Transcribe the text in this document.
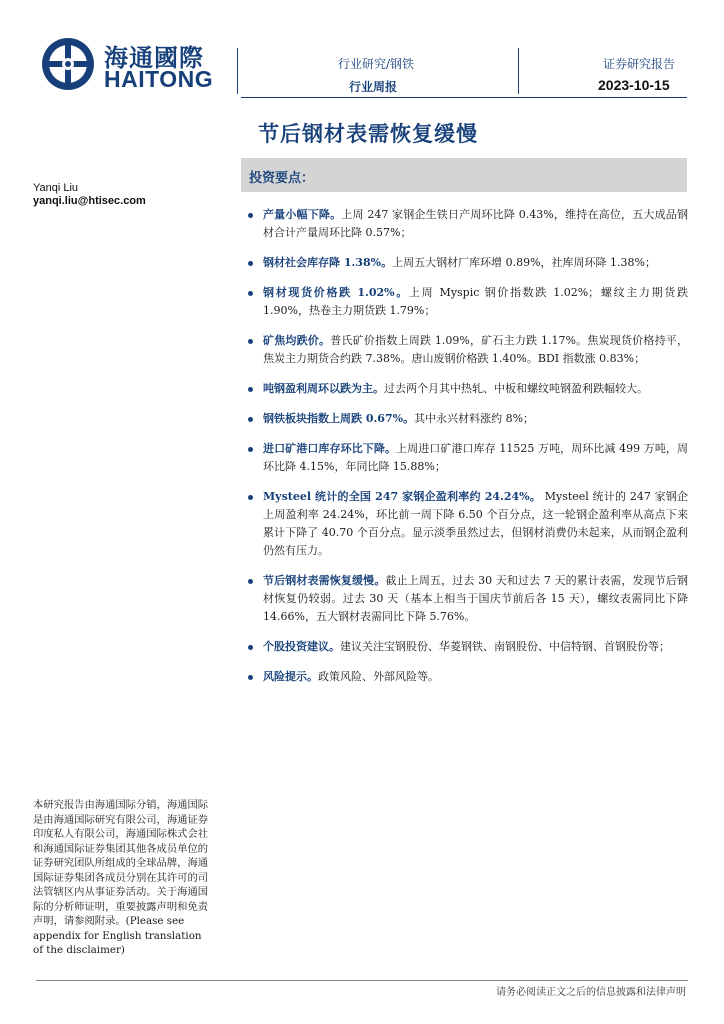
海通國際
HAITONG
行业研究/钢铁
行业周报
证券研究报告
2023-10-15
节后钢材表需恢复缓慢
投资要点：
Yanqi Liu
yanqi.liu@htisec.com
产量小幅下降。上周 247 家钢企生铁日产周环比降 0.43%，维持在高位，五大成品钢材合计产量周环比降 0.57%；
钢材社会库存降 1.38%。上周五大钢材厂库环增 0.89%，社库周环降 1.38%；
钢材现货价格跌 1.02%。上周 Myspic 钢价指数跌 1.02%；螺纹主力期货跌 1.90%，热卷主力期货跌 1.79%；
矿焦均跌价。普氏矿价指数上周跌 1.09%，矿石主力跌 1.17%。焦炭现货价格持平，焦炭主力期货合约跌 7.38%。唐山废钢价格跌 1.40%。BDI 指数涨 0.83%；
吨钢盈利周环以跌为主。过去两个月其中热轧、中板和螺纹吨钢盈利跌幅较大。
钢铁板块指数上周跌 0.67%。其中永兴材料涨约 8%；
进口矿港口库存环比下降。上周进口矿港口库存 11525 万吨，周环比减 499 万吨，周环比降 4.15%，年同比降 15.88%；
Mysteel 统计的全国 247 家钢企盈利率约 24.24%。 Mysteel 统计的 247 家钢企上周盈利率 24.24%，环比前一周下降 6.50 个百分点，这一轮钢企盈利率从高点下来累计下降了 40.70 个百分点。显示淡季虽然过去，但钢材消费仍未起来，从而钢企盈利仍然有压力。
节后钢材表需恢复缓慢。截止上周五，过去 30 天和过去 7 天的累计表需，发现节后钢材恢复仍较弱。过去 30 天（基本上相当于国庆节前后各 15 天），螺纹表需同比下降 14.66%，五大钢材表需同比下降 5.76%。
个股投资建议。建议关注宝钢股份、华菱钢铁、南钢股份、中信特钢、首钢股份等；
风险提示。政策风险、外部风险等。
本研究报告由海通国际分销，海通国际是由海通国际研究有限公司，海通证券印度私人有限公司，海通国际株式会社和海通国际证券集团其他各成员单位的证券研究团队所组成的全球品牌，海通国际证券集团各成员分别在其许可的司法管辖区内从事证券活动。关于海通国际的分析师证明，重要披露声明和免责声明，请参阅附录。(Please see appendix for English translation of the disclaimer)
请务必阅读正文之后的信息披露和法律声明
